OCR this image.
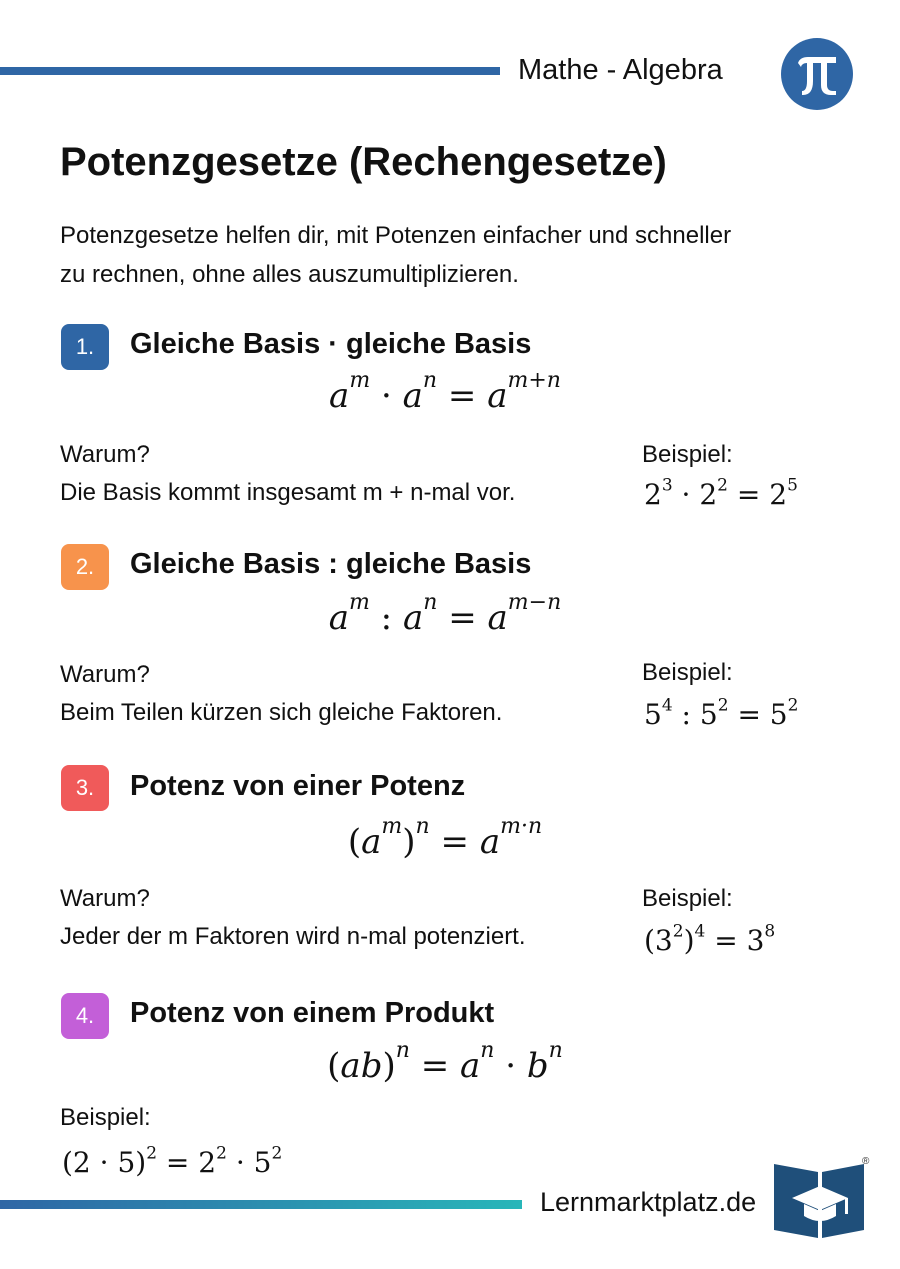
Mathe - Algebra
Potenzgesetze (Rechengesetze)
Potenzgesetze helfen dir, mit Potenzen einfacher und schneller
zu rechnen, ohne alles auszumultiplizieren.
1.	Gleiche Basis · gleiche Basis
$a^m \cdot a^n = a^{m+n}$
Warum?
Die Basis kommt insgesamt m + n-mal vor.
Beispiel:
$2^3 \cdot 2^2 = 2^5$
2.	Gleiche Basis : gleiche Basis
$a^m$ : $a^n = a^{m-n}$
Warum?
Beim Teilen kürzen sich gleiche Faktoren.
Beispiel:
$5^4$ : $5^2 = 5^2$
3.	Potenz von einer Potenz
$(a^m)^n = a^{m\cdot n}$
Warum?
Jeder der m Faktoren wird n-mal potenziert.
Beispiel:
$(3^2)^4 = 3^8$
4.	Potenz von einem Produkt
$(ab)^n = a^n \cdot b^n$
Beispiel:
$(2 \cdot 5)^2 = 2^2 \cdot 5^2$
Lernmarktplatz.de
®
